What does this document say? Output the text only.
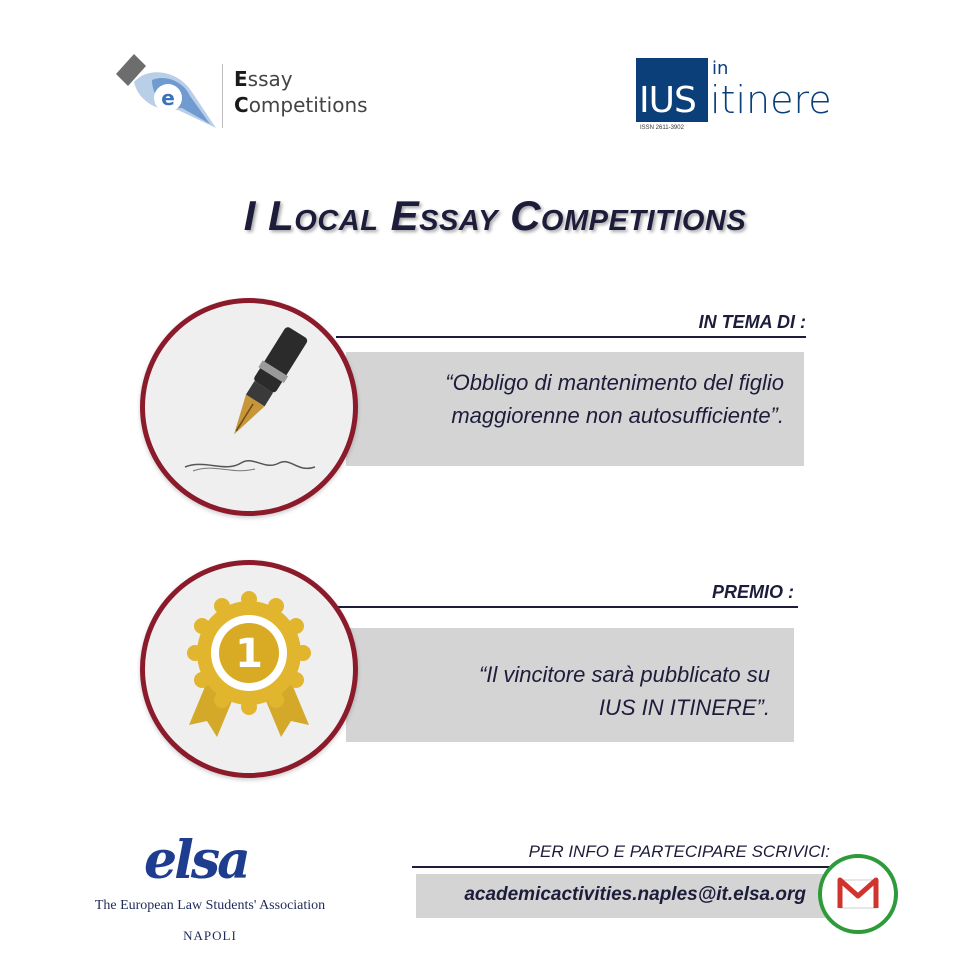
e
Essay
Competitions	IUS
in
itinere
ISSN 2611-3902
I Local Essay Competitions
IN TEMA DI :
“Obbligo di mantenimento del figlio
maggiorenne non autosufficiente”.
PREMIO :
“Il vincitore sarà pubblicato su
IUS IN ITINERE”.
1
elsa
The European Law Students' Association
NAPOLI
PER INFO E PARTECIPARE SCRIVICI:
academicactivities.naples@it.elsa.org
